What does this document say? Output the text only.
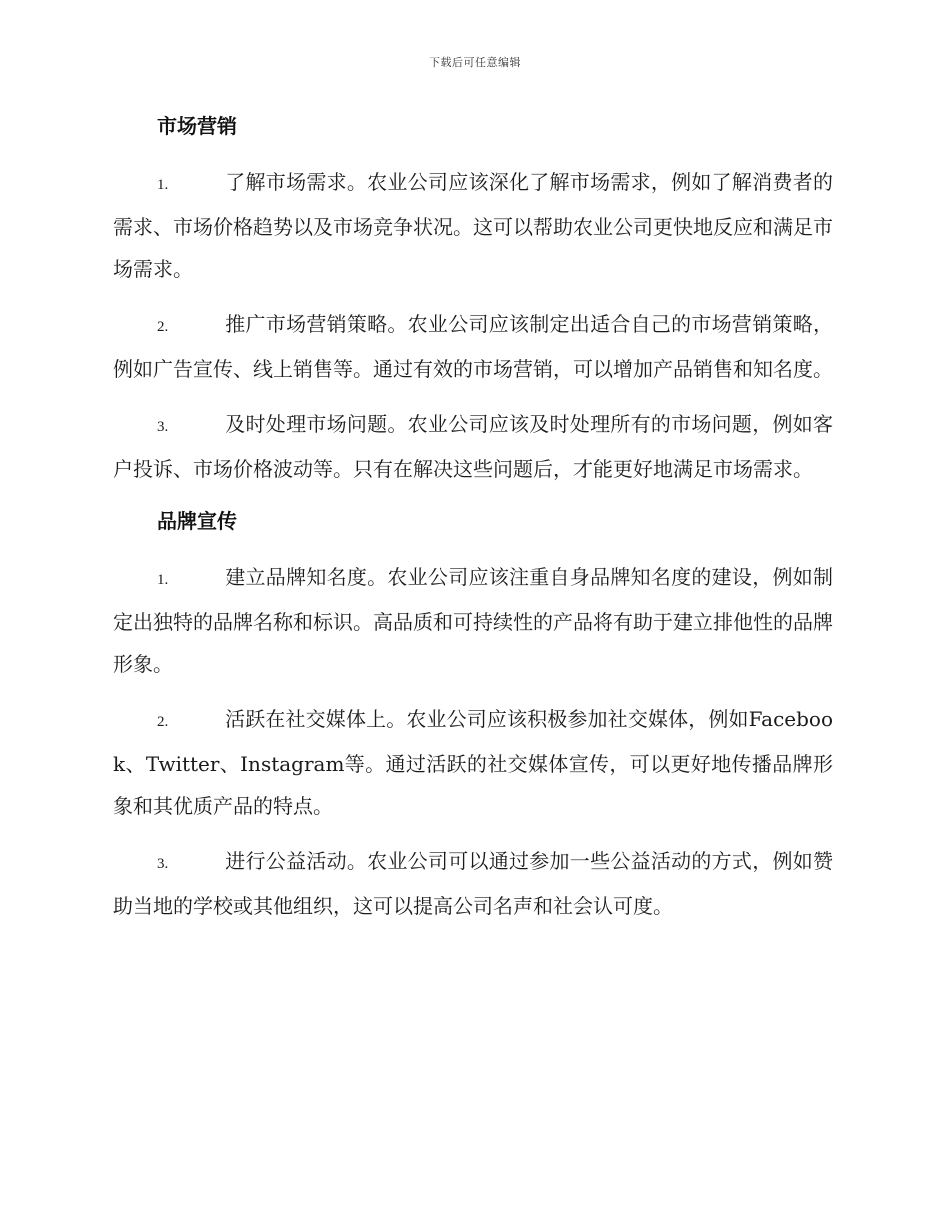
下载后可任意编辑
市场营销

1.	了解市场需求。农业公司应该深化了解市场需求，例如了解消费者的需求、市场价格趋势以及市场竞争状况。这可以帮助农业公司更快地反应和满足市场需求。

2.	推广市场营销策略。农业公司应该制定出适合自己的市场营销策略，例如广告宣传、线上销售等。通过有效的市场营销，可以增加产品销售和知名度。

3.	及时处理市场问题。农业公司应该及时处理所有的市场问题，例如客户投诉、市场价格波动等。只有在解决这些问题后，才能更好地满足市场需求。

品牌宣传

1.	建立品牌知名度。农业公司应该注重自身品牌知名度的建设，例如制定出独特的品牌名称和标识。高品质和可持续性的产品将有助于建立排他性的品牌形象。

2.	活跃在社交媒体上。农业公司应该积极参加社交媒体，例如Facebook、Twitter、Instagram等。通过活跃的社交媒体宣传，可以更好地传播品牌形象和其优质产品的特点。

3.	进行公益活动。农业公司可以通过参加一些公益活动的方式，例如赞助当地的学校或其他组织，这可以提高公司名声和社会认可度。
